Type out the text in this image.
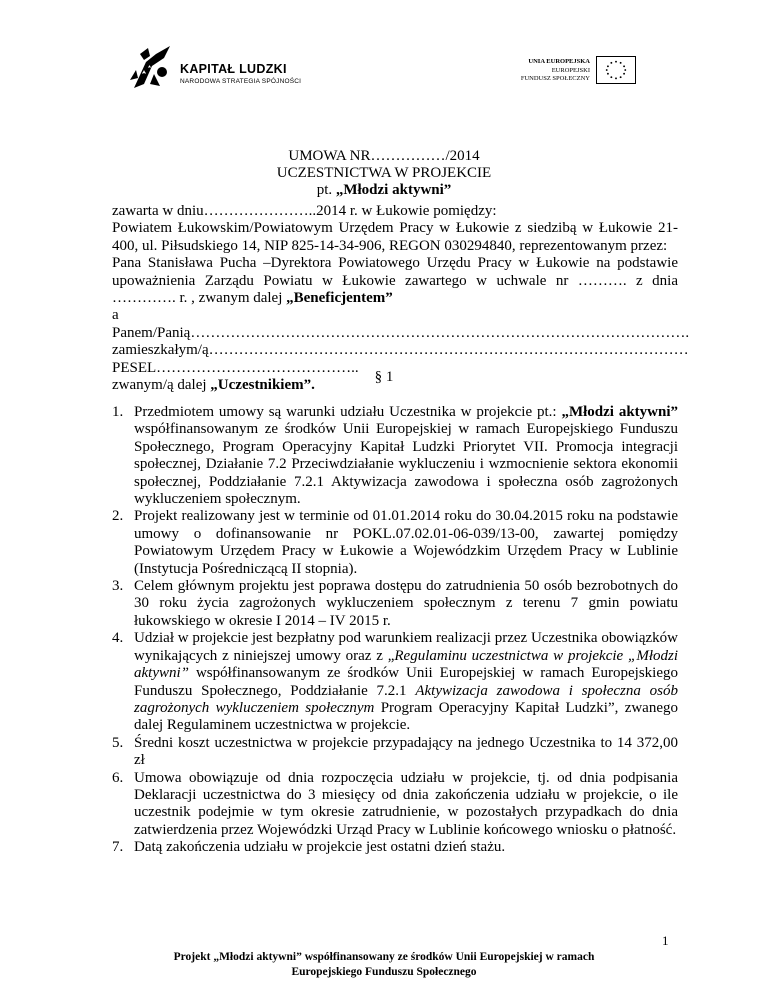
KAPITAŁ LUDZKI
NARODOWA STRATEGIA SPÓJNOŚCI
UNIA EUROPEJSKA
EUROPEJSKI
FUNDUSZ SPOŁECZNY
UMOWA NR……………/2014
UCZESTNICTWA W PROJEKCIE
pt. „Młodzi aktywni”
zawarta w dniu…………………..2014 r. w Łukowie pomiędzy:
Powiatem Łukowskim/Powiatowym Urzędem Pracy w Łukowie z siedzibą w Łukowie 21-
400, ul. Piłsudskiego 14, NIP 825-14-34-906, REGON 030294840, reprezentowanym przez:
Pana Stanisława Pucha –Dyrektora Powiatowego Urzędu Pracy w Łukowie na podstawie
upoważnienia Zarządu Powiatu w Łukowie zawartego w uchwale nr ………. z dnia
…………. r. , zwanym dalej „Beneficjentem”
a
Panem/Panią……………………………………………………………………………………….
zamieszkałym/ą……………………………………………………………………………………
PESEL…………………………………..
zwanym/ą dalej „Uczestnikiem”.
§ 1
1. Przedmiotem umowy są warunki udziału Uczestnika w projekcie pt.: „Młodzi aktywni” współfinansowanym ze środków Unii Europejskiej w ramach Europejskiego Funduszu Społecznego, Program Operacyjny Kapitał Ludzki Priorytet VII. Promocja integracji społecznej, Działanie 7.2 Przeciwdziałanie wykluczeniu i wzmocnienie sektora ekonomii społecznej, Poddziałanie 7.2.1 Aktywizacja zawodowa i społeczna osób zagrożonych wykluczeniem społecznym.
2. Projekt realizowany jest w terminie od 01.01.2014 roku do 30.04.2015 roku na podstawie umowy o dofinansowanie nr POKL.07.02.01-06-039/13-00, zawartej pomiędzy Powiatowym Urzędem Pracy w Łukowie a Wojewódzkim Urzędem Pracy w Lublinie (Instytucja Pośredniczącą II stopnia).
3. Celem głównym projektu jest poprawa dostępu do zatrudnienia 50 osób bezrobotnych do 30 roku życia zagrożonych wykluczeniem społecznym z terenu 7 gmin powiatu łukowskiego w okresie I 2014 – IV 2015 r.
4. Udział w projekcie jest bezpłatny pod warunkiem realizacji przez Uczestnika obowiązków wynikających z niniejszej umowy oraz z „Regulaminu uczestnictwa w projekcie „Młodzi aktywni” współfinansowanym ze środków Unii Europejskiej w ramach Europejskiego Funduszu Społecznego, Poddziałanie 7.2.1 Aktywizacja zawodowa i społeczna osób zagrożonych wykluczeniem społecznym Program Operacyjny Kapitał Ludzki”, zwanego dalej Regulaminem uczestnictwa w projekcie.
5. Średni koszt uczestnictwa w projekcie przypadający na jednego Uczestnika to 14 372,00 zł
6. Umowa obowiązuje od dnia rozpoczęcia udziału w projekcie, tj. od dnia podpisania Deklaracji uczestnictwa do 3 miesięcy od dnia zakończenia udziału w projekcie, o ile uczestnik podejmie w tym okresie zatrudnienie, w pozostałych przypadkach do dnia zatwierdzenia przez Wojewódzki Urząd Pracy w Lublinie końcowego wniosku o płatność.
7. Datą zakończenia udziału w projekcie jest ostatni dzień stażu.
1
Projekt „Młodzi aktywni” współfinansowany ze środków Unii Europejskiej w ramach
Europejskiego Funduszu Społecznego
